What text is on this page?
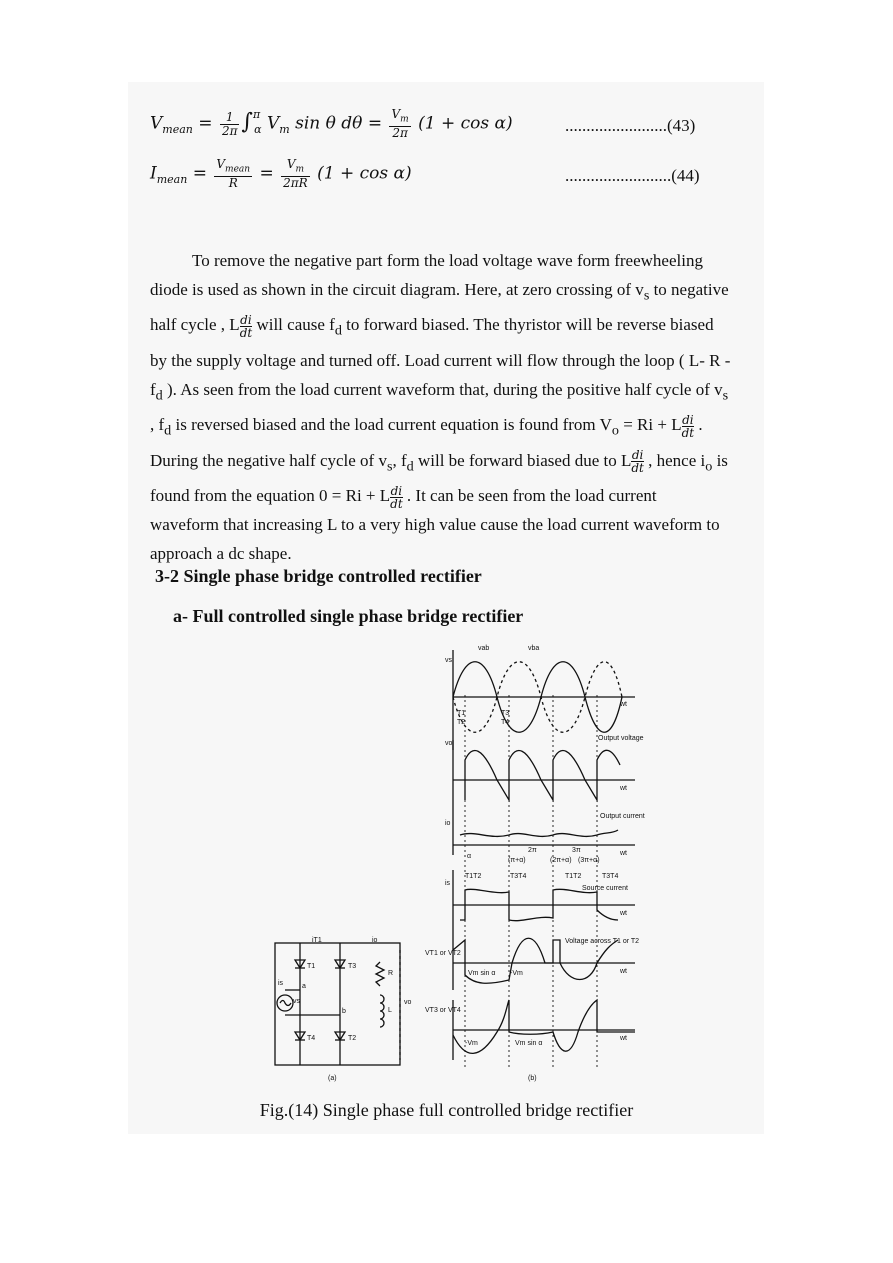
$V_{mean} = \frac{1}{2\pi} \int^\pi_\alpha$ $V_m$ sin θ $d\theta = \frac{V_m}{2\pi} (1 + \cos \alpha)$	........................(43)
$I_{mean} = \frac{V_{mean}}{R} = \frac{V_m}{2\pi R} (1 + \cos \alpha)$	.........................(44)

To remove the negative part form the load voltage wave form freewheeling

diode is used as shown in the circuit diagram. Here, at zero crossing of $v_s$ to negative

half cycle , L $\frac{di}{dt}$ will cause $f_d$ to forward biased. The thyristor will be reverse biased

by the supply voltage and turned off. Load current will flow through the loop ( L- R -

$f_d$ ). As seen from the load current waveform that, during the positive half cycle of $v_s$

, $f_d$ is reversed biased and the load current equation is found from $V_o = Ri + L \frac{di}{dt}$ .

During the negative half cycle of $v_s$, $f_d$ will be forward biased due to L $\frac{di}{dt}$ , hence $i_o$ is

found from the equation 0 = Ri + L $\frac{di}{dt}$ . It can be seen from the load current

waveform that increasing L to a very high value cause the load current waveform to

approach a dc shape.

3-2 Single phase bridge controlled rectifier
a- Full controlled single phase bridge rectifier
iT1	io
T1	T3
T4	T2
is	a
b
vs
R
L
vo
(a)
vab	vba
vs
wt
T1
T2
T3
T4
Output voltage
vo
wt
Output current
io
α
(π+α)
2π
(2π+α)
3π
(3π+α)
wt
T1T2	T3T4	T1T2	T3T4
Source current
is
wt
Voltage across T1 or T2
VT1 or VT2
Vm sin α -Vm	wt
VT3 or VT4
-Vm	Vm sin α
wt
(b)
Fig.(14) Single phase full controlled bridge rectifier
